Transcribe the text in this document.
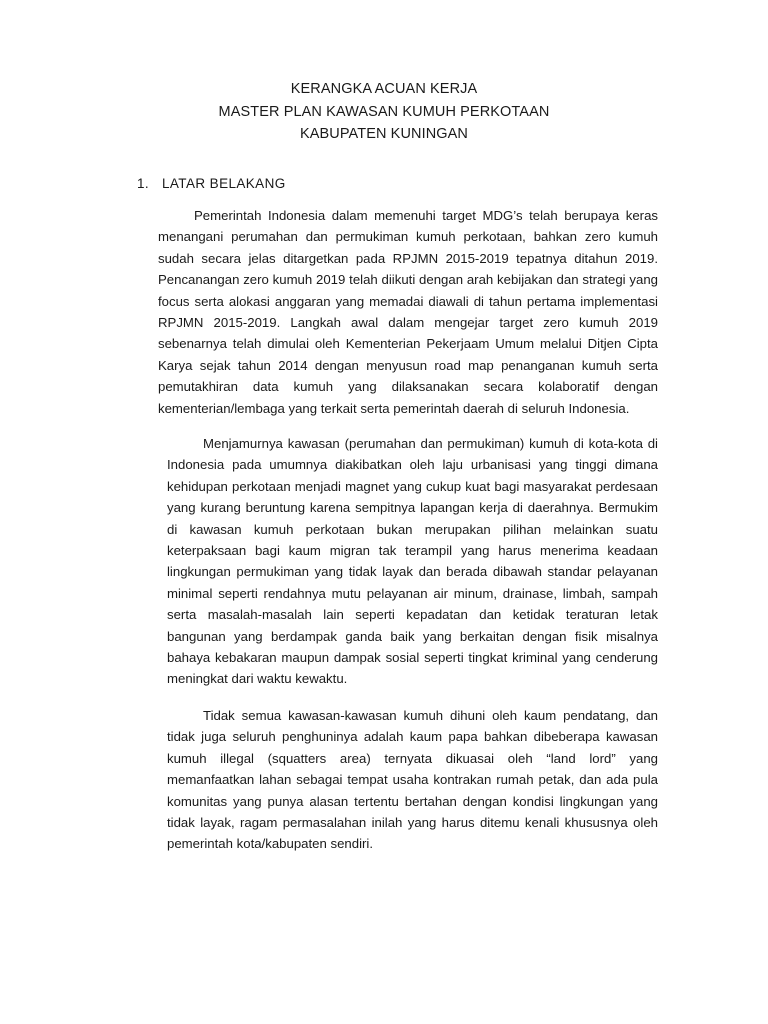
KERANGKA ACUAN KERJA
MASTER PLAN KAWASAN KUMUH PERKOTAAN
KABUPATEN KUNINGAN
1. LATAR BELAKANG

Pemerintah Indonesia dalam memenuhi target MDG’s telah berupaya keras menangani perumahan dan permukiman kumuh perkotaan, bahkan zero kumuh sudah secara jelas ditargetkan pada RPJMN 2015-2019 tepatnya ditahun 2019. Pencanangan zero kumuh 2019 telah diikuti dengan arah kebijakan dan strategi yang focus serta alokasi anggaran yang memadai diawali di tahun pertama implementasi RPJMN 2015-2019. Langkah awal dalam mengejar target zero kumuh 2019 sebenarnya telah dimulai oleh Kementerian Pekerjaam Umum melalui Ditjen Cipta Karya sejak tahun 2014 dengan menyusun road map penanganan kumuh serta pemutakhiran data kumuh yang dilaksanakan secara kolaboratif dengan kementerian/lembaga yang terkait serta pemerintah daerah di seluruh Indonesia.

Menjamurnya kawasan (perumahan dan permukiman) kumuh di kota-kota di Indonesia pada umumnya diakibatkan oleh laju urbanisasi yang tinggi dimana kehidupan perkotaan menjadi magnet yang cukup kuat bagi masyarakat perdesaan yang kurang beruntung karena sempitnya lapangan kerja di daerahnya. Bermukim di kawasan kumuh perkotaan bukan merupakan pilihan melainkan suatu keterpaksaan bagi kaum migran tak terampil yang harus menerima keadaan lingkungan permukiman yang tidak layak dan berada dibawah standar pelayanan minimal seperti rendahnya mutu pelayanan air minum, drainase, limbah, sampah serta masalah-masalah lain seperti kepadatan dan ketidak teraturan letak bangunan yang berdampak ganda baik yang berkaitan dengan fisik misalnya bahaya kebakaran maupun dampak sosial seperti tingkat kriminal yang cenderung meningkat dari waktu kewaktu.

Tidak semua kawasan-kawasan kumuh dihuni oleh kaum pendatang, dan tidak juga seluruh penghuninya adalah kaum papa bahkan dibeberapa kawasan kumuh illegal (squatters area) ternyata dikuasai oleh “land lord” yang memanfaatkan lahan sebagai tempat usaha kontrakan rumah petak, dan ada pula komunitas yang punya alasan tertentu bertahan dengan kondisi lingkungan yang tidak layak, ragam permasalahan inilah yang harus ditemu kenali khususnya oleh pemerintah kota/kabupaten sendiri.
